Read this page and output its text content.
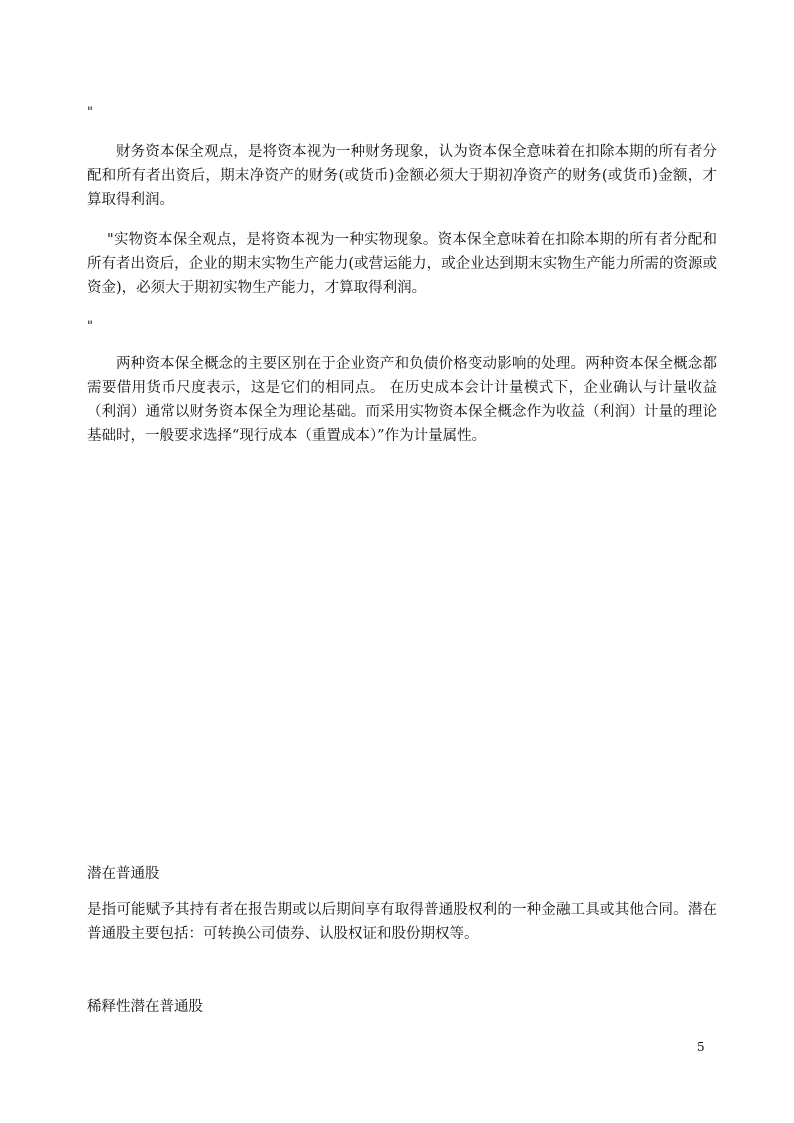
"

财务资本保全观点，是将资本视为一种财务现象，认为资本保全意味着在扣除本期的所有者分配和所有者出资后，期末净资产的财务(或货币)金额必须大于期初净资产的财务(或货币)金额，才算取得利润。

"实物资本保全观点，是将资本视为一种实物现象。资本保全意味着在扣除本期的所有者分配和所有者出资后，企业的期末实物生产能力(或营运能力，或企业达到期末实物生产能力所需的资源或资金)，必须大于期初实物生产能力，才算取得利润。

"

两种资本保全概念的主要区别在于企业资产和负债价格变动影响的处理。两种资本保全概念都需要借用货币尺度表示，这是它们的相同点。 在历史成本会计计量模式下，企业确认与计量收益（利润）通常以财务资本保全为理论基础。而采用实物资本保全概念作为收益（利润）计量的理论基础时，一般要求选择“现行成本（重置成本）”作为计量属性。

潜在普通股

是指可能赋予其持有者在报告期或以后期间享有取得普通股权利的一种金融工具或其他合同。潜在普通股主要包括：可转换公司债券、认股权证和股份期权等。

稀释性潜在普通股

5
